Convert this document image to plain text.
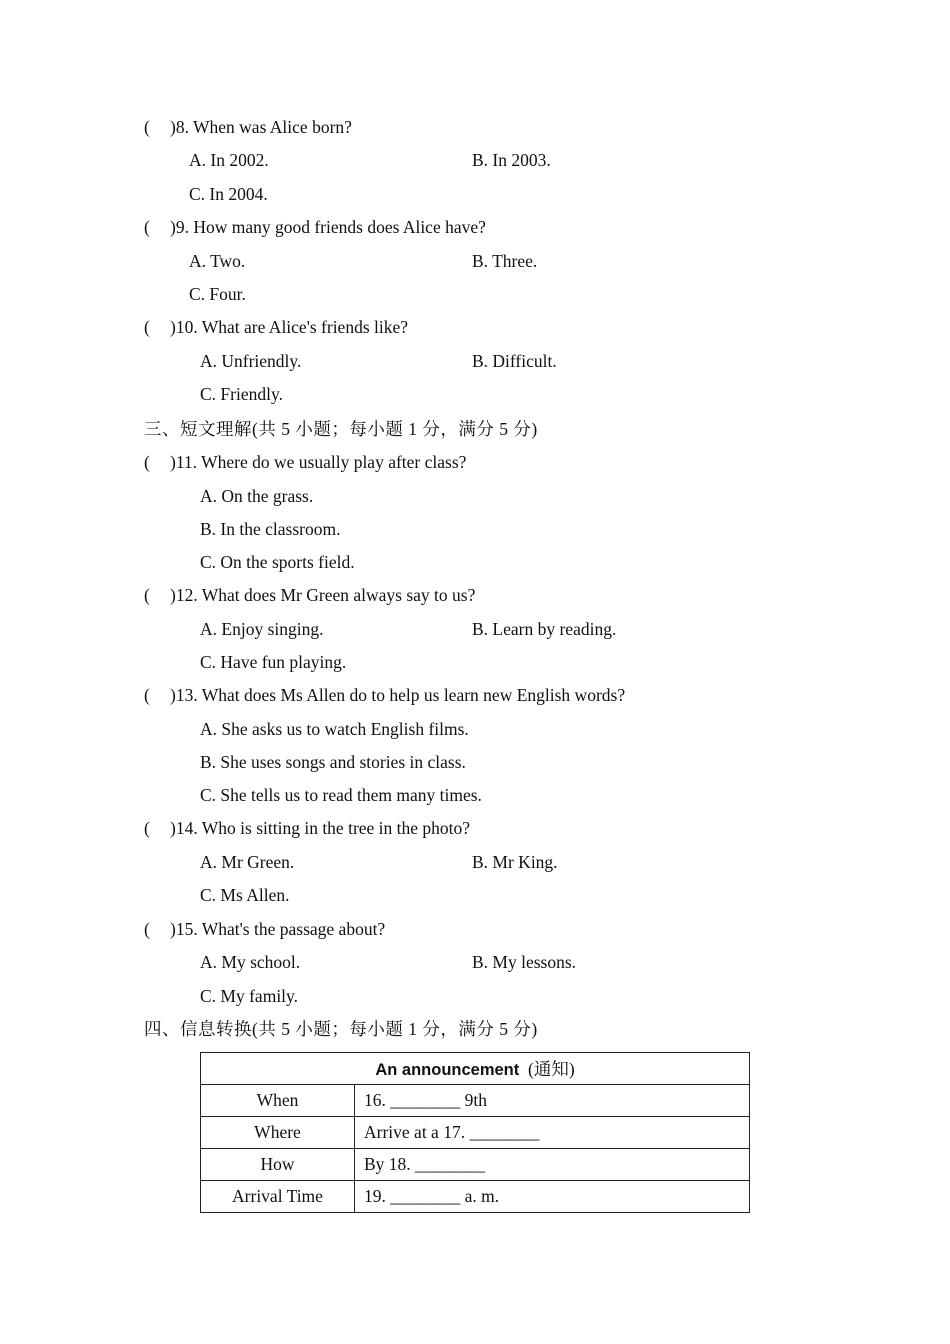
( )8. When was Alice born?
A. In 2002.	B. In 2003.
C. In 2004.
( )9. How many good friends does Alice have?
A. Two.	B. Three.
C. Four.
( )10. What are Alice's friends like?
A. Unfriendly.	B. Difficult.
C. Friendly.
三、短文理解(共 5 小题；每小题 1 分，满分 5 分)
( )11. Where do we usually play after class?
A. On the grass.
B. In the classroom.
C. On the sports field.
( )12. What does Mr Green always say to us?
A. Enjoy singing.	B. Learn by reading.
C. Have fun playing.
( )13. What does Ms Allen do to help us learn new English words?
A. She asks us to watch English films.
B. She uses songs and stories in class.
C. She tells us to read them many times.
( )14. Who is sitting in the tree in the photo?
A. Mr Green.	B. Mr King.
C. Ms Allen.
( )15. What's the passage about?
A. My school.	B. My lessons.
C. My family.
四、信息转换(共 5 小题；每小题 1 分，满分 5 分)
An announcement (通知)	
When	16. ________ 9th
Where	Arrive at a 17. ________
How	By 18. ________
Arrival Time	19. ________ a. m.
